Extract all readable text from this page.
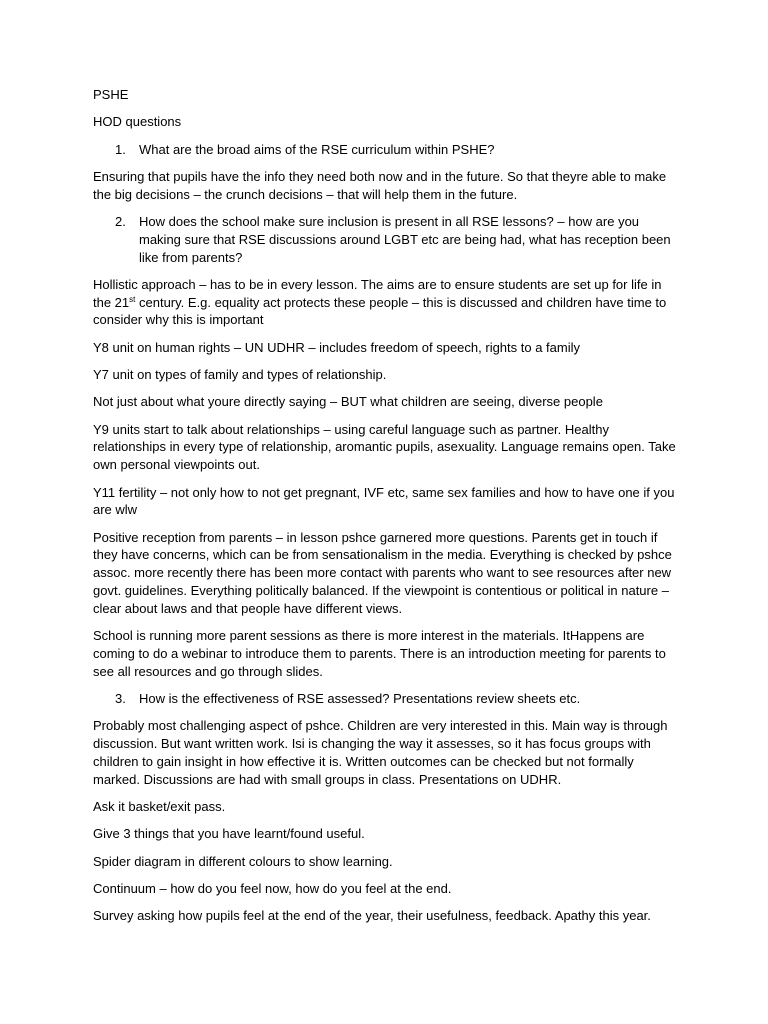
PSHE

HOD questions

1. What are the broad aims of the RSE curriculum within PSHE?

Ensuring that pupils have the info they need both now and in the future. So that theyre able to make the big decisions – the crunch decisions – that will help them in the future.

2. How does the school make sure inclusion is present in all RSE lessons? – how are you making sure that RSE discussions around LGBT etc are being had, what has reception been like from parents?

Hollistic approach – has to be in every lesson. The aims are to ensure students are set up for life in the 21st century. E.g. equality act protects these people – this is discussed and children have time to consider why this is important

Y8 unit on human rights – UN UDHR – includes freedom of speech, rights to a family

Y7 unit on types of family and types of relationship.

Not just about what youre directly saying – BUT what children are seeing, diverse people

Y9 units start to talk about relationships – using careful language such as partner. Healthy relationships in every type of relationship, aromantic pupils, asexuality. Language remains open. Take own personal viewpoints out.

Y11 fertility – not only how to not get pregnant, IVF etc, same sex families and how to have one if you are wlw

Positive reception from parents – in lesson pshce garnered more questions. Parents get in touch if they have concerns, which can be from sensationalism in the media. Everything is checked by pshce assoc. more recently there has been more contact with parents who want to see resources after new govt. guidelines. Everything politically balanced. If the viewpoint is contentious or political in nature – clear about laws and that people have different views.

School is running more parent sessions as there is more interest in the materials. ItHappens are coming to do a webinar to introduce them to parents. There is an introduction meeting for parents to see all resources and go through slides.

3. How is the effectiveness of RSE assessed? Presentations review sheets etc.

Probably most challenging aspect of pshce. Children are very interested in this. Main way is through discussion. But want written work. Isi is changing the way it assesses, so it has focus groups with children to gain insight in how effective it is. Written outcomes can be checked but not formally marked. Discussions are had with small groups in class. Presentations on UDHR.

Ask it basket/exit pass.

Give 3 things that you have learnt/found useful.

Spider diagram in different colours to show learning.

Continuum – how do you feel now, how do you feel at the end.

Survey asking how pupils feel at the end of the year, their usefulness, feedback. Apathy this year.
